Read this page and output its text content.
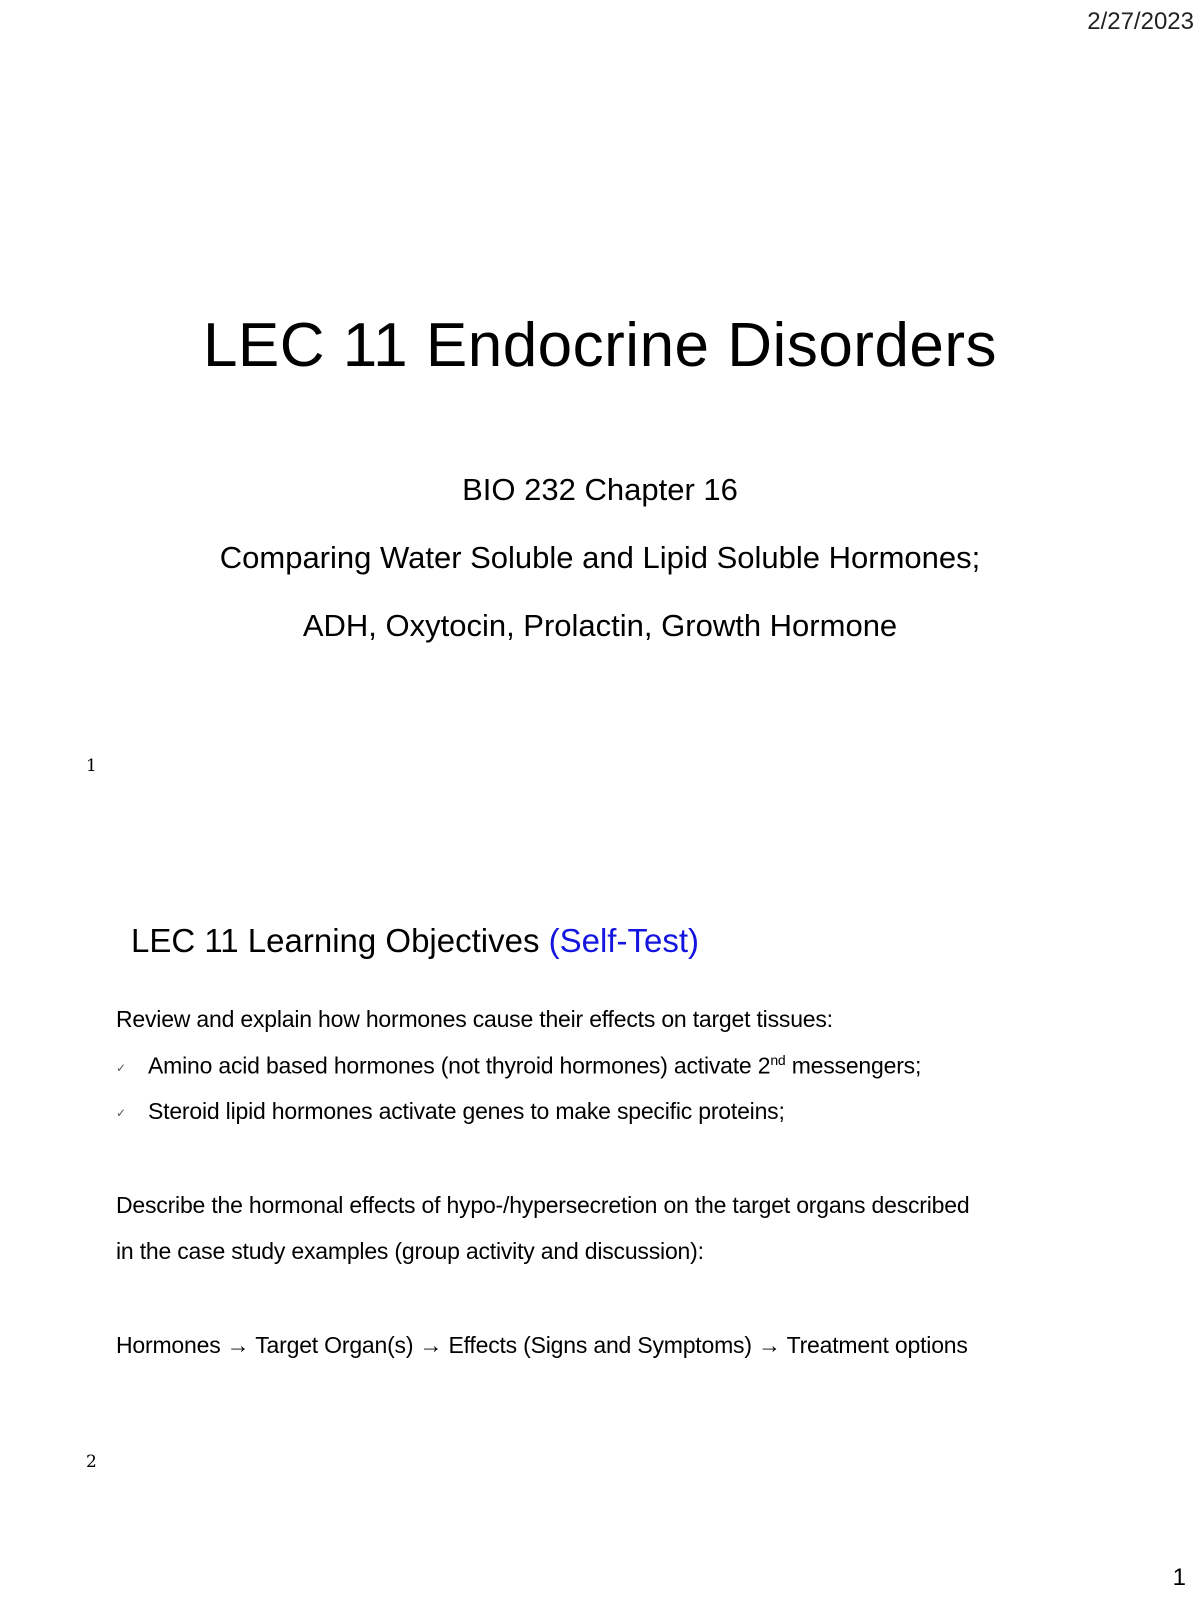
2/27/2023
LEC 11 Endocrine Disorders
BIO 232 Chapter 16
Comparing Water Soluble and Lipid Soluble Hormones;
ADH, Oxytocin, Prolactin, Growth Hormone
1
LEC 11 Learning Objectives (Self-Test)
Review and explain how hormones cause their effects on target tissues:
✓ Amino acid based hormones (not thyroid hormones) activate 2nd messengers;
✓ Steroid lipid hormones activate genes to make specific proteins;
Describe the hormonal effects of hypo-/hypersecretion on the target organs described
in the case study examples (group activity and discussion):
Hormones → Target Organ(s) → Effects (Signs and Symptoms) → Treatment options
2
1
